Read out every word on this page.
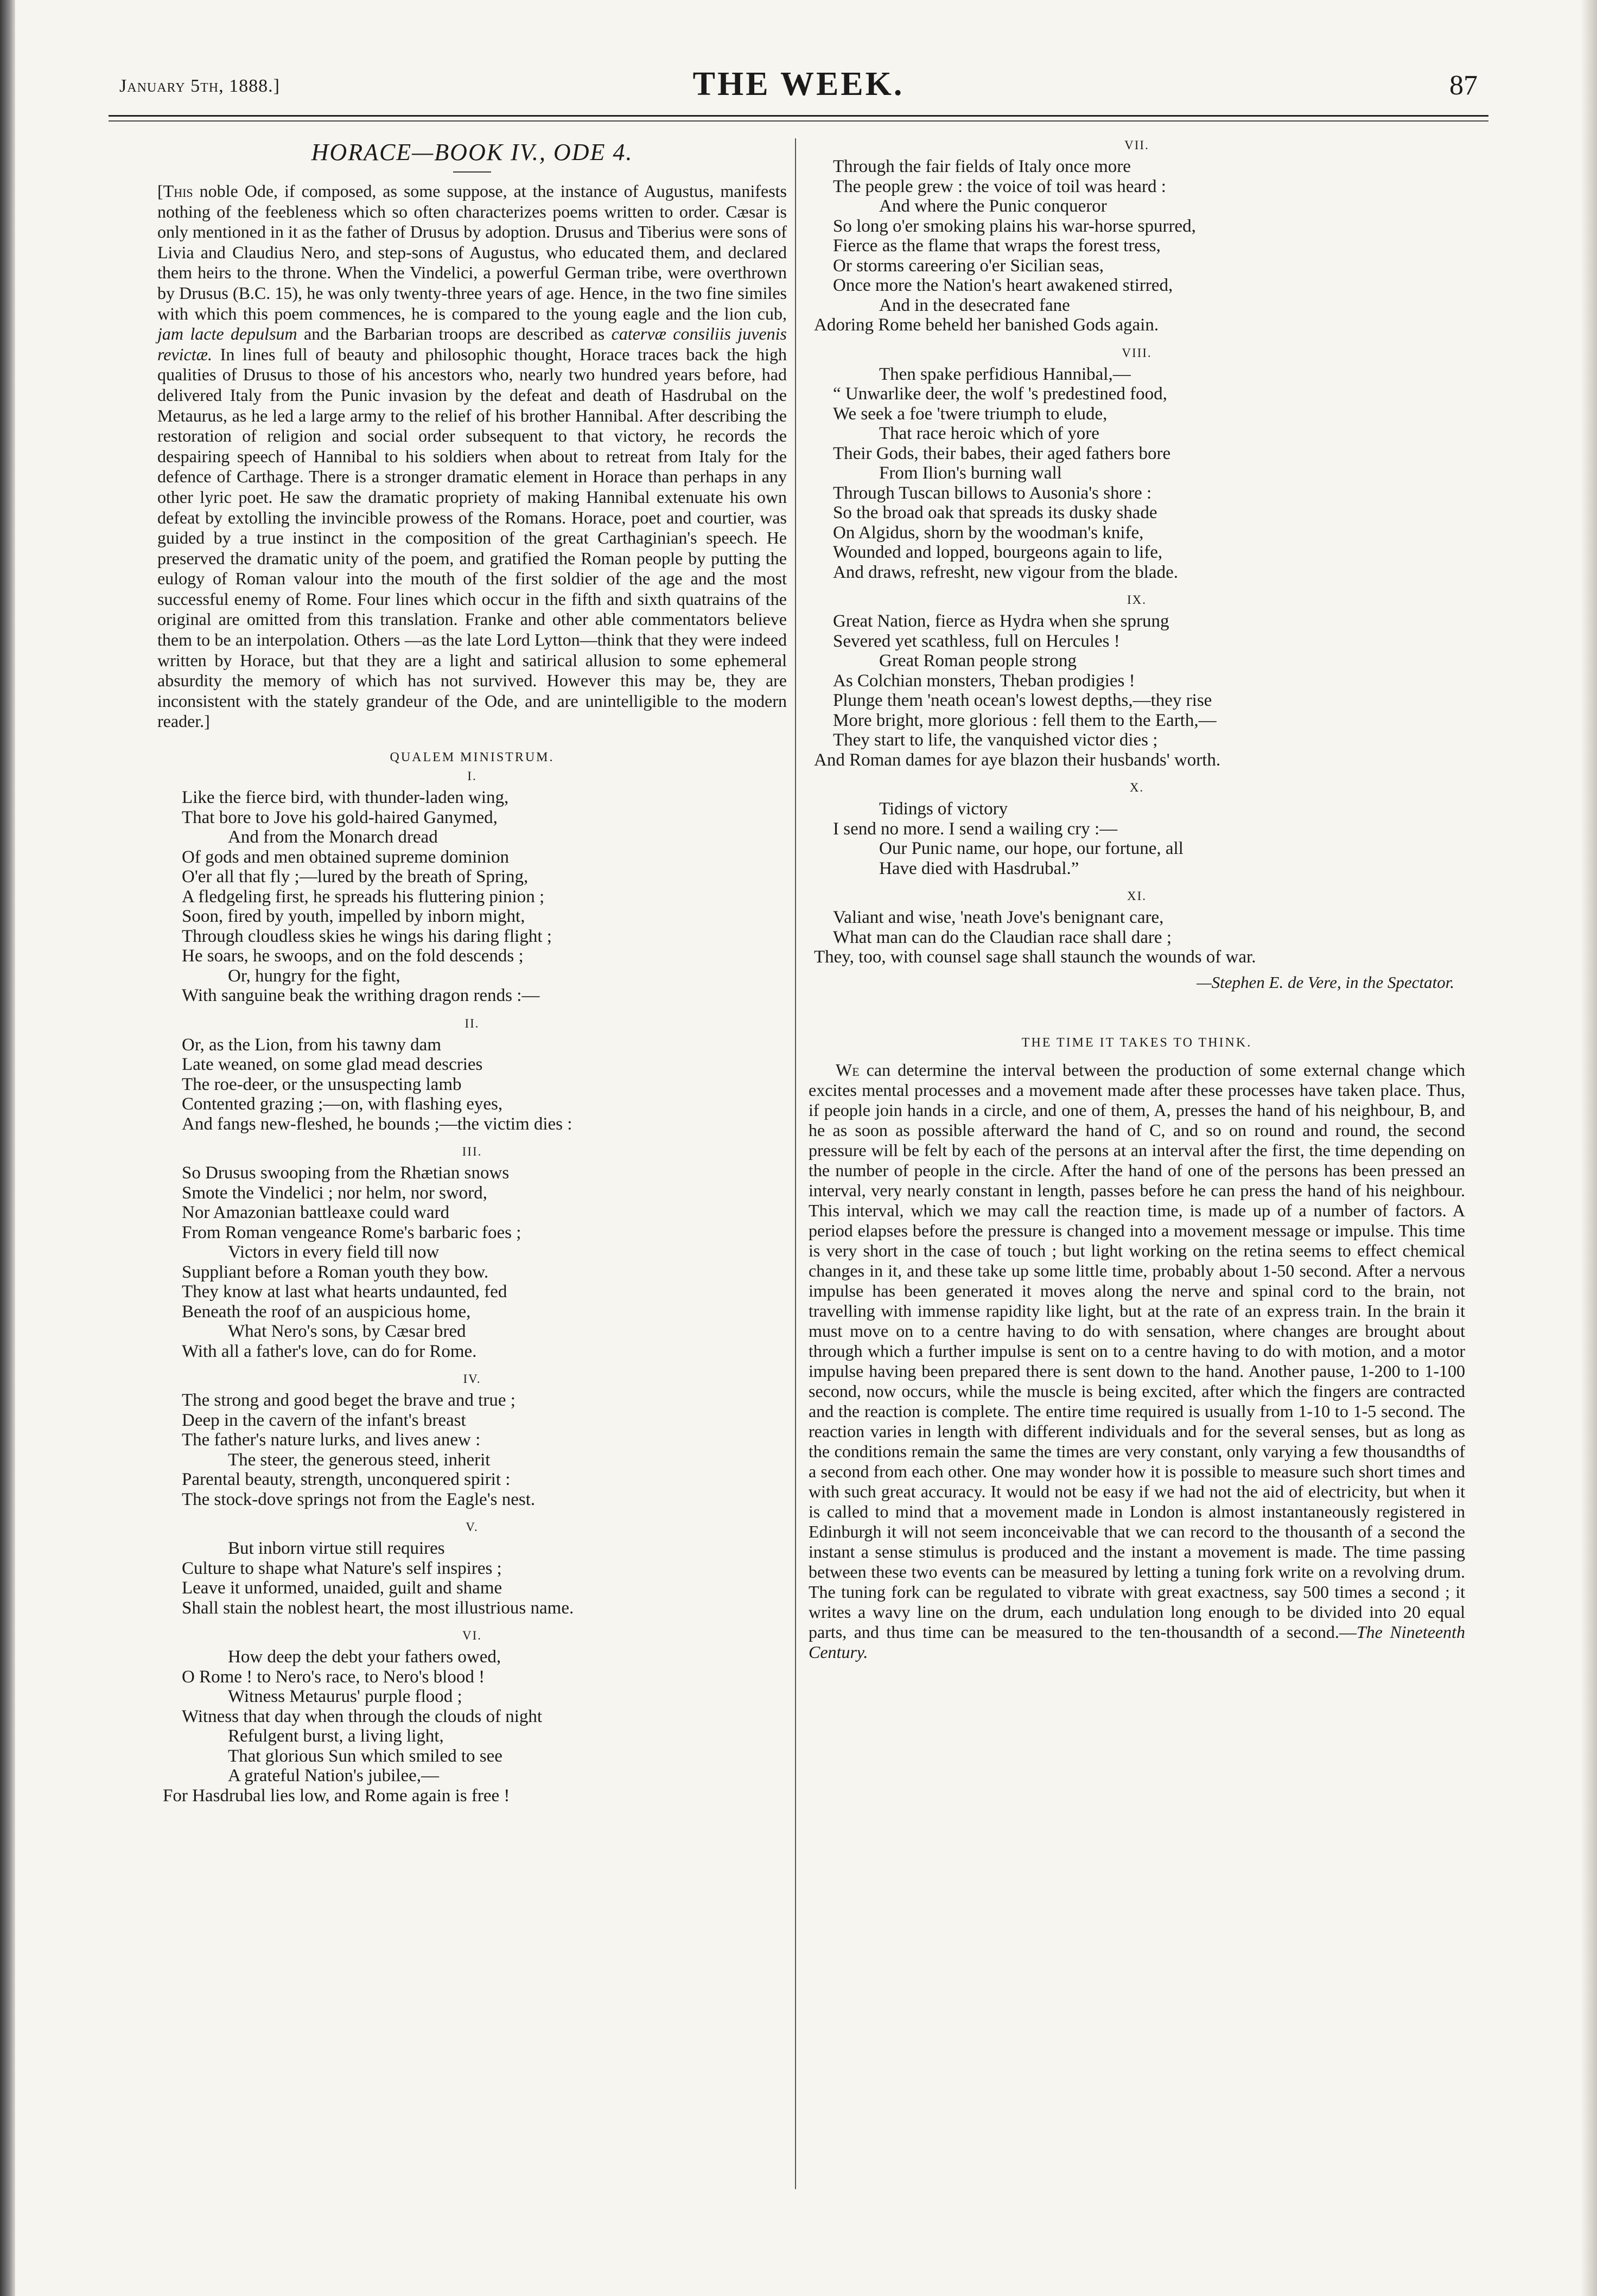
January 5th, 1888.]	THE WEEK.	87
HORACE—BOOK IV., ODE 4.

[This noble Ode, if composed, as some suppose, at the instance of Augustus, manifests nothing of the feebleness which so often characterizes poems written to order. Cæsar is only mentioned in it as the father of Drusus by adoption. Drusus and Tiberius were sons of Livia and Claudius Nero, and step-sons of Augustus, who educated them, and declared them heirs to the throne. When the Vindelici, a powerful German tribe, were overthrown by Drusus (B.C. 15), he was only twenty-three years of age. Hence, in the two fine similes with which this poem commences, he is compared to the young eagle and the lion cub, jam lacte depulsum and the Barbarian troops are described as catervæ consiliis juvenis revictæ. In lines full of beauty and philosophic thought, Horace traces back the high qualities of Drusus to those of his ancestors who, nearly two hundred years before, had delivered Italy from the Punic invasion by the defeat and death of Hasdrubal on the Metaurus, as he led a large army to the relief of his brother Hannibal. After describing the restoration of religion and social order subsequent to that victory, he records the despairing speech of Hannibal to his soldiers when about to retreat from Italy for the defence of Carthage. There is a stronger dramatic element in Horace than perhaps in any other lyric poet. He saw the dramatic propriety of making Hannibal extenuate his own defeat by extolling the invincible prowess of the Romans. Horace, poet and courtier, was guided by a true instinct in the composition of the great Carthaginian's speech. He preserved the dramatic unity of the poem, and gratified the Roman people by putting the eulogy of Roman valour into the mouth of the first soldier of the age and the most successful enemy of Rome. Four lines which occur in the fifth and sixth quatrains of the original are omitted from this translation. Franke and other able commentators believe them to be an interpolation. Others —as the late Lord Lytton—think that they were indeed written by Horace, but that they are a light and satirical allusion to some ephemeral absurdity the memory of which has not survived. However this may be, they are inconsistent with the stately grandeur of the Ode, and are unintelligible to the modern reader.]

QUALEM MINISTRUM.
I.
Like the fierce bird, with thunder-laden wing,
That bore to Jove his gold-haired Ganymed,
And from the Monarch dread
Of gods and men obtained supreme dominion
O'er all that fly ;—lured by the breath of Spring,
A fledgeling first, he spreads his fluttering pinion ;
Soon, fired by youth, impelled by inborn might,
Through cloudless skies he wings his daring flight ;
He soars, he swoops, and on the fold descends ;
Or, hungry for the fight,
With sanguine beak the writhing dragon rends :—
II.
Or, as the Lion, from his tawny dam
Late weaned, on some glad mead descries
The roe-deer, or the unsuspecting lamb
Contented grazing ;—on, with flashing eyes,
And fangs new-fleshed, he bounds ;—the victim dies :
III.
So Drusus swooping from the Rhætian snows
Smote the Vindelici ; nor helm, nor sword,
Nor Amazonian battleaxe could ward
From Roman vengeance Rome's barbaric foes ;
Victors in every field till now
Suppliant before a Roman youth they bow.
They know at last what hearts undaunted, fed
Beneath the roof of an auspicious home,
What Nero's sons, by Cæsar bred
With all a father's love, can do for Rome.
IV.
The strong and good beget the brave and true ;
Deep in the cavern of the infant's breast
The father's nature lurks, and lives anew :
The steer, the generous steed, inherit
Parental beauty, strength, unconquered spirit :
The stock-dove springs not from the Eagle's nest.
V.
But inborn virtue still requires
Culture to shape what Nature's self inspires ;
Leave it unformed, unaided, guilt and shame
Shall stain the noblest heart, the most illustrious name.
VI.
How deep the debt your fathers owed,
O Rome ! to Nero's race, to Nero's blood !
Witness Metaurus' purple flood ;
Witness that day when through the clouds of night
Refulgent burst, a living light,
That glorious Sun which smiled to see
A grateful Nation's jubilee,—
For Hasdrubal lies low, and Rome again is free !
VII.
Through the fair fields of Italy once more
The people grew : the voice of toil was heard :
And where the Punic conqueror
So long o'er smoking plains his war-horse spurred,
Fierce as the flame that wraps the forest tress,
Or storms careering o'er Sicilian seas,
Once more the Nation's heart awakened stirred,
And in the desecrated fane
Adoring Rome beheld her banished Gods again.
VIII.
Then spake perfidious Hannibal,—
“ Unwarlike deer, the wolf 's predestined food,
We seek a foe 'twere triumph to elude,
That race heroic which of yore
Their Gods, their babes, their aged fathers bore
From Ilion's burning wall
Through Tuscan billows to Ausonia's shore :
So the broad oak that spreads its dusky shade
On Algidus, shorn by the woodman's knife,
Wounded and lopped, bourgeons again to life,
And draws, refresht, new vigour from the blade.
IX.
Great Nation, fierce as Hydra when she sprung
Severed yet scathless, full on Hercules !
Great Roman people strong
As Colchian monsters, Theban prodigies !
Plunge them 'neath ocean's lowest depths,—they rise
More bright, more glorious : fell them to the Earth,—
They start to life, the vanquished victor dies ;
And Roman dames for aye blazon their husbands' worth.
X.
Tidings of victory
I send no more. I send a wailing cry :—
Our Punic name, our hope, our fortune, all
Have died with Hasdrubal.”
XI.
Valiant and wise, 'neath Jove's benignant care,
What man can do the Claudian race shall dare ;
They, too, with counsel sage shall staunch the wounds of war.
—Stephen E. de Vere, in the Spectator.
THE TIME IT TAKES TO THINK.

We can determine the interval between the production of some external change which excites mental processes and a movement made after these processes have taken place. Thus, if people join hands in a circle, and one of them, A, presses the hand of his neighbour, B, and he as soon as possible afterward the hand of C, and so on round and round, the second pressure will be felt by each of the persons at an interval after the first, the time depending on the number of people in the circle. After the hand of one of the persons has been pressed an interval, very nearly constant in length, passes before he can press the hand of his neighbour. This interval, which we may call the reaction time, is made up of a number of factors. A period elapses before the pressure is changed into a movement message or impulse. This time is very short in the case of touch ; but light working on the retina seems to effect chemical changes in it, and these take up some little time, probably about 1-50 second. After a nervous impulse has been generated it moves along the nerve and spinal cord to the brain, not travelling with immense rapidity like light, but at the rate of an express train. In the brain it must move on to a centre having to do with sensation, where changes are brought about through which a further impulse is sent on to a centre having to do with motion, and a motor impulse having been prepared there is sent down to the hand. Another pause, 1-200 to 1-100 second, now occurs, while the muscle is being excited, after which the fingers are contracted and the reaction is complete. The entire time required is usually from 1-10 to 1-5 second. The reaction varies in length with different individuals and for the several senses, but as long as the conditions remain the same the times are very constant, only varying a few thousandths of a second from each other. One may wonder how it is possible to measure such short times and with such great accuracy. It would not be easy if we had not the aid of electricity, but when it is called to mind that a movement made in London is almost instantaneously registered in Edinburgh it will not seem inconceivable that we can record to the thousanth of a second the instant a sense stimulus is produced and the instant a movement is made. The time passing between these two events can be measured by letting a tuning fork write on a revolving drum. The tuning fork can be regulated to vibrate with great exactness, say 500 times a second ; it writes a wavy line on the drum, each undulation long enough to be divided into 20 equal parts, and thus time can be measured to the ten-thousandth of a second.—The Nineteenth Century.
